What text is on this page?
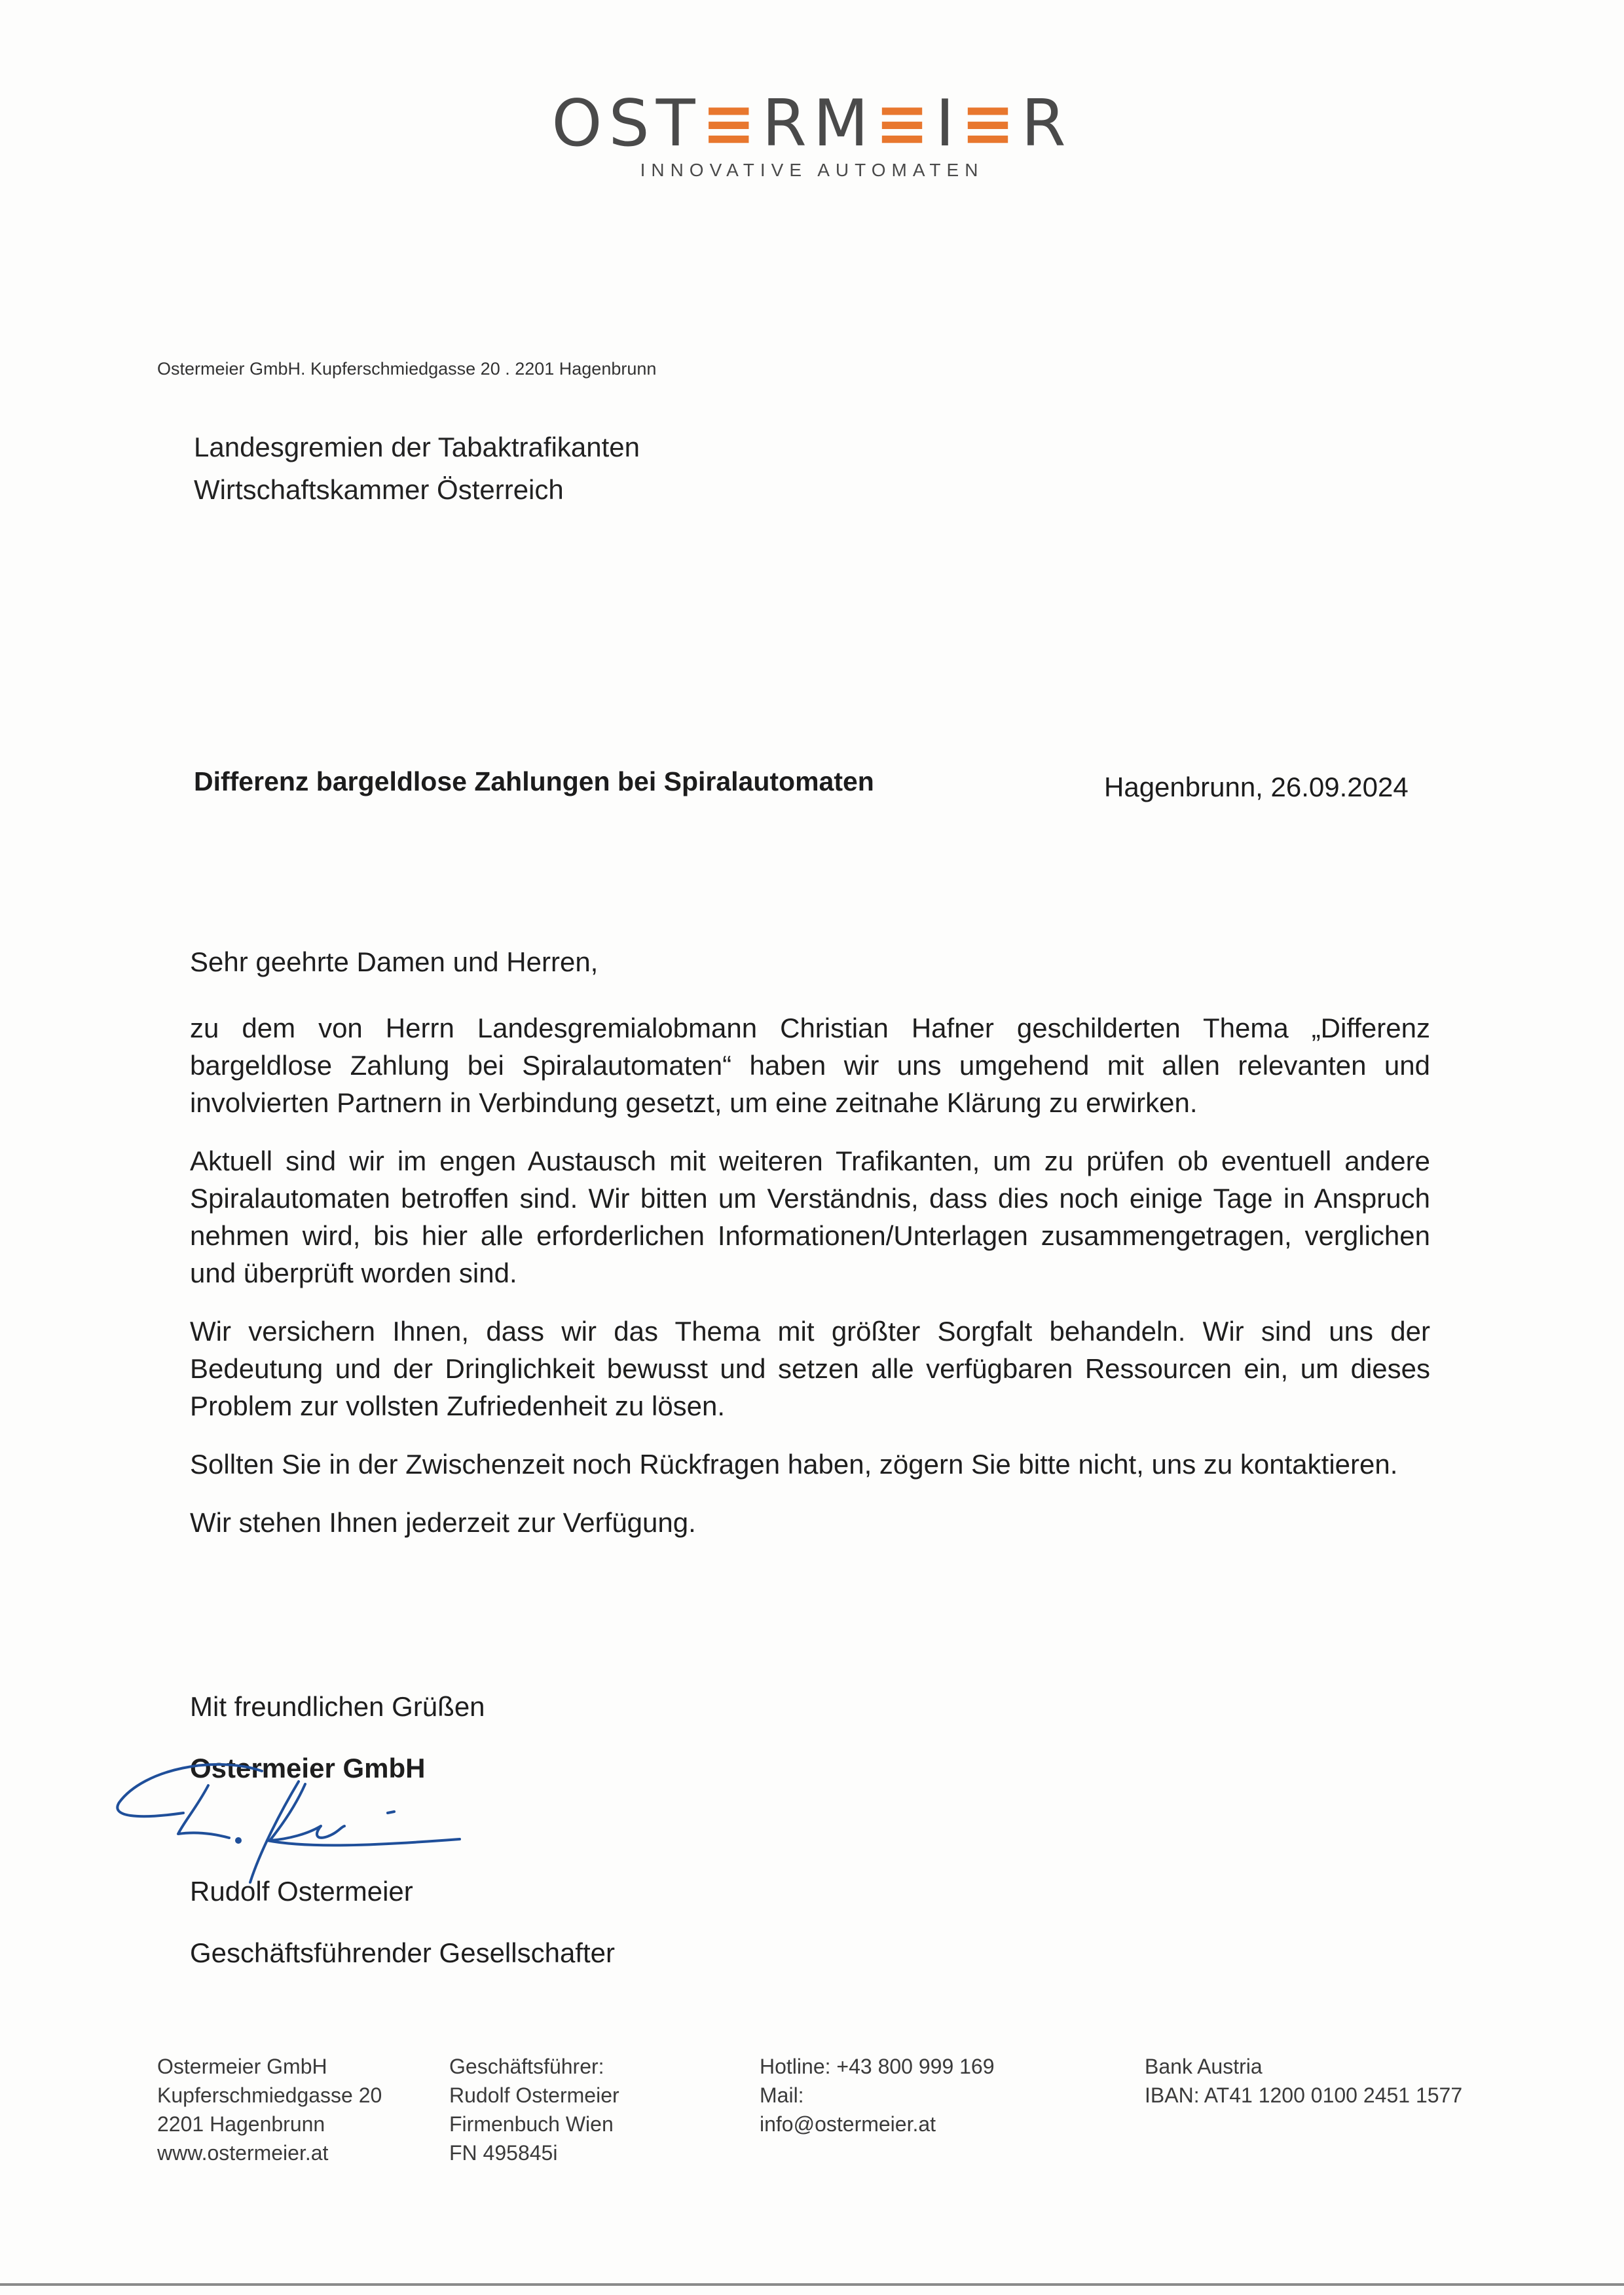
OST≡RM≡I≡R
INNOVATIVE AUTOMATEN
Ostermeier GmbH. Kupferschmiedgasse 20 . 2201 Hagenbrunn
Landesgremien der Tabaktrafikanten
Wirtschaftskammer Österreich
Differenz bargeldlose Zahlungen bei Spiralautomaten	Hagenbrunn, 26.09.2024

Sehr geehrte Damen und Herren,

zu dem von Herrn Landesgremialobmann Christian Hafner geschilderten Thema „Differenz bargeldlose Zahlung bei Spiralautomaten“ haben wir uns umgehend mit allen relevanten und involvierten Partnern in Verbindung gesetzt, um eine zeitnahe Klärung zu erwirken.

Aktuell sind wir im engen Austausch mit weiteren Trafikanten, um zu prüfen ob eventuell andere Spiralautomaten betroffen sind. Wir bitten um Verständnis, dass dies noch einige Tage in Anspruch nehmen wird, bis hier alle erforderlichen Informationen/Unterlagen zusammengetragen, verglichen und überprüft worden sind.

Wir versichern Ihnen, dass wir das Thema mit größter Sorgfalt behandeln. Wir sind uns der Bedeutung und der Dringlichkeit bewusst und setzen alle verfügbaren Ressourcen ein, um dieses Problem zur vollsten Zufriedenheit zu lösen.

Sollten Sie in der Zwischenzeit noch Rückfragen haben, zögern Sie bitte nicht, uns zu kontaktieren.

Wir stehen Ihnen jederzeit zur Verfügung.

Mit freundlichen Grüßen
Ostermeier GmbH
Rudolf Ostermeier
Geschäftsführender Gesellschafter
Ostermeier GmbH
Kupferschmiedgasse 20
2201 Hagenbrunn
www.ostermeier.at
Geschäftsführer:
Rudolf Ostermeier
Firmenbuch Wien
FN 495845i
Hotline: +43 800 999 169
Mail:
info@ostermeier.at
Bank Austria
IBAN: AT41 1200 0100 2451 1577
